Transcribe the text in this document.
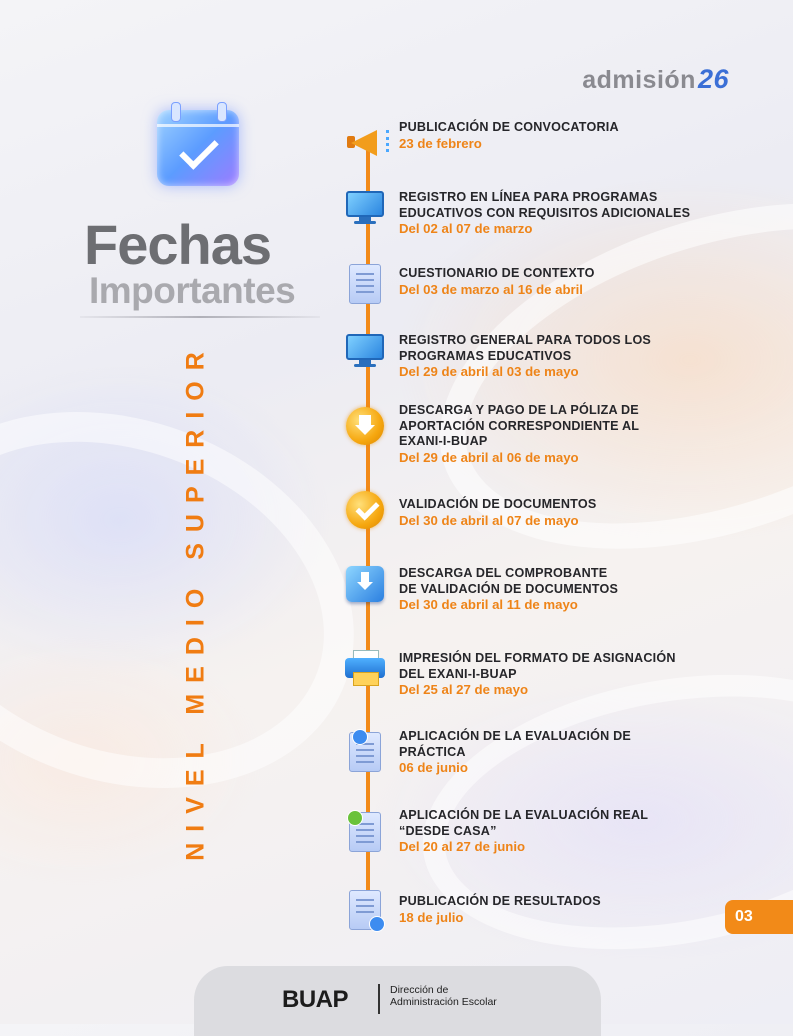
admisión26
Fechas
Importantes
NIVEL MEDIO SUPERIOR
PUBLICACIÓN DE CONVOCATORIA
23 de febrero
REGISTRO EN LÍNEA PARA PROGRAMAS
EDUCATIVOS CON REQUISITOS ADICIONALES
Del 02 al 07 de marzo
CUESTIONARIO DE CONTEXTO
Del 03 de marzo al 16 de abril
REGISTRO GENERAL PARA TODOS LOS
PROGRAMAS EDUCATIVOS
Del 29 de abril al 03 de mayo
DESCARGA Y PAGO DE LA PÓLIZA DE
APORTACIÓN CORRESPONDIENTE AL
EXANI-I-BUAP
Del 29 de abril al 06 de mayo
VALIDACIÓN DE DOCUMENTOS
Del 30 de abril al 07 de mayo
DESCARGA DEL COMPROBANTE
DE VALIDACIÓN DE DOCUMENTOS
Del 30 de abril al 11 de mayo
IMPRESIÓN DEL FORMATO DE ASIGNACIÓN
DEL EXANI-I-BUAP
Del 25 al 27 de mayo
APLICACIÓN DE LA EVALUACIÓN DE
PRÁCTICA
06 de junio
APLICACIÓN DE LA EVALUACIÓN REAL
“DESDE CASA”
Del 20 al 27 de junio
PUBLICACIÓN DE RESULTADOS
18 de julio	03
BUAP	Dirección de
Administración Escolar
